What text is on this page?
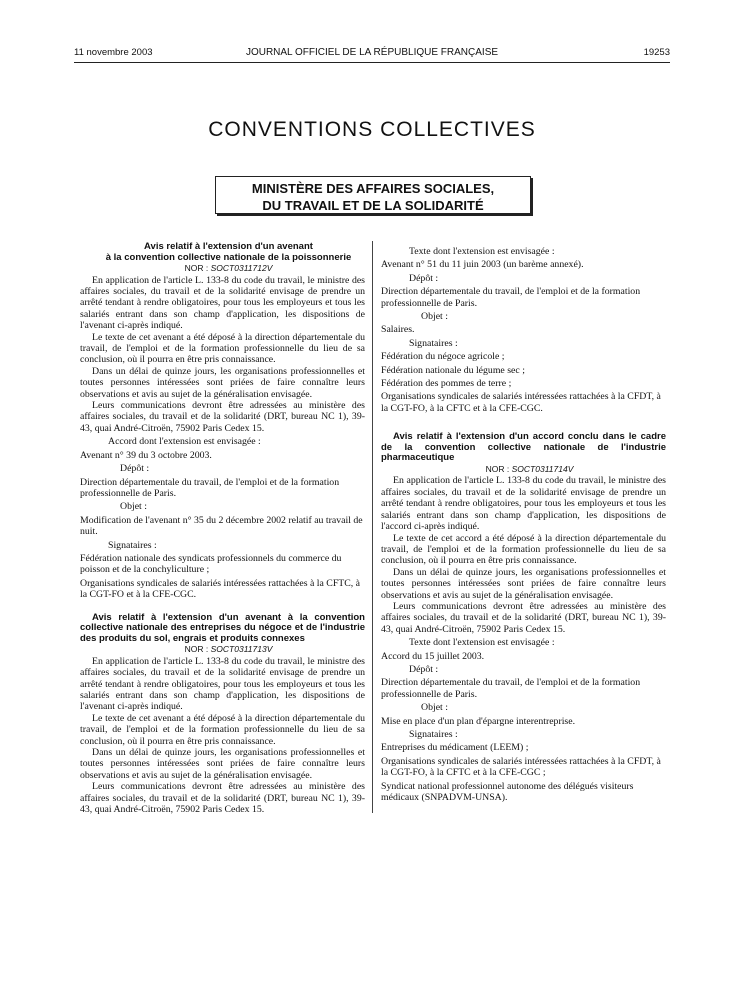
11 novembre 2003	JOURNAL OFFICIEL DE LA RÉPUBLIQUE FRANÇAISE	19253
CONVENTIONS COLLECTIVES
MINISTÈRE DES AFFAIRES SOCIALES,
DU TRAVAIL ET DE LA SOLIDARITÉ

Avis relatif à l'extension d'un avenant

à la convention collective nationale de la poissonnerie

NOR : SOCT0311712V

En application de l'article L. 133-8 du code du travail, le ministre des affaires sociales, du travail et de la solidarité envisage de prendre un arrêté tendant à rendre obligatoires, pour tous les employeurs et tous les salariés entrant dans son champ d'application, les dispositions de l'avenant ci-après indiqué.

Le texte de cet avenant a été déposé à la direction départementale du travail, de l'emploi et de la formation professionnelle du lieu de sa conclusion, où il pourra en être pris connaissance.

Dans un délai de quinze jours, les organisations professionnelles et toutes personnes intéressées sont priées de faire connaître leurs observations et avis au sujet de la généralisation envisagée.

Leurs communications devront être adressées au ministère des affaires sociales, du travail et de la solidarité (DRT, bureau NC 1), 39-43, quai André-Citroën, 75902 Paris Cedex 15.

Accord dont l'extension est envisagée :

Avenant n° 39 du 3 octobre 2003.

Dépôt :

Direction départementale du travail, de l'emploi et de la formation professionnelle de Paris.

Objet :

Modification de l'avenant n° 35 du 2 décembre 2002 relatif au travail de nuit.

Signataires :

Fédération nationale des syndicats professionnels du commerce du poisson et de la conchyliculture ;

Organisations syndicales de salariés intéressées rattachées à la CFTC, à la CGT-FO et à la CFE-CGC.

Avis relatif à l'extension d'un avenant à la convention collective nationale des entreprises du négoce et de l'industrie des produits du sol, engrais et produits connexes

NOR : SOCT0311713V

En application de l'article L. 133-8 du code du travail, le ministre des affaires sociales, du travail et de la solidarité envisage de prendre un arrêté tendant à rendre obligatoires, pour tous les employeurs et tous les salariés entrant dans son champ d'application, les dispositions de l'avenant ci-après indiqué.

Le texte de cet avenant a été déposé à la direction départementale du travail, de l'emploi et de la formation professionnelle du lieu de sa conclusion, où il pourra en être pris connaissance.

Dans un délai de quinze jours, les organisations professionnelles et toutes personnes intéressées sont priées de faire connaître leurs observations et avis au sujet de la généralisation envisagée.

Leurs communications devront être adressées au ministère des affaires sociales, du travail et de la solidarité (DRT, bureau NC 1), 39-43, quai André-Citroën, 75902 Paris Cedex 15.

Texte dont l'extension est envisagée :

Avenant n° 51 du 11 juin 2003 (un barème annexé).

Dépôt :

Direction départementale du travail, de l'emploi et de la formation professionnelle de Paris.

Objet :

Salaires.

Signataires :

Fédération du négoce agricole ;

Fédération nationale du légume sec ;

Fédération des pommes de terre ;

Organisations syndicales de salariés intéressées rattachées à la CFDT, à la CGT-FO, à la CFTC et à la CFE-CGC.

Avis relatif à l'extension d'un accord conclu dans le cadre de la convention collective nationale de l'industrie pharmaceutique

NOR : SOCT0311714V

En application de l'article L. 133-8 du code du travail, le ministre des affaires sociales, du travail et de la solidarité envisage de prendre un arrêté tendant à rendre obligatoires, pour tous les employeurs et tous les salariés entrant dans son champ d'application, les dispositions de l'accord ci-après indiqué.

Le texte de cet accord a été déposé à la direction départementale du travail, de l'emploi et de la formation professionnelle du lieu de sa conclusion, où il pourra en être pris connaissance.

Dans un délai de quinze jours, les organisations professionnelles et toutes personnes intéressées sont priées de faire connaître leurs observations et avis au sujet de la généralisation envisagée.

Leurs communications devront être adressées au ministère des affaires sociales, du travail et de la solidarité (DRT, bureau NC 1), 39-43, quai André-Citroën, 75902 Paris Cedex 15.

Texte dont l'extension est envisagée :

Accord du 15 juillet 2003.

Dépôt :

Direction départementale du travail, de l'emploi et de la formation professionnelle de Paris.

Objet :

Mise en place d'un plan d'épargne interentreprise.

Signataires :

Entreprises du médicament (LEEM) ;

Organisations syndicales de salariés intéressées rattachées à la CFDT, à la CGT-FO, à la CFTC et à la CFE-CGC ;

Syndicat national professionnel autonome des délégués visiteurs médicaux (SNPADVM-UNSA).
